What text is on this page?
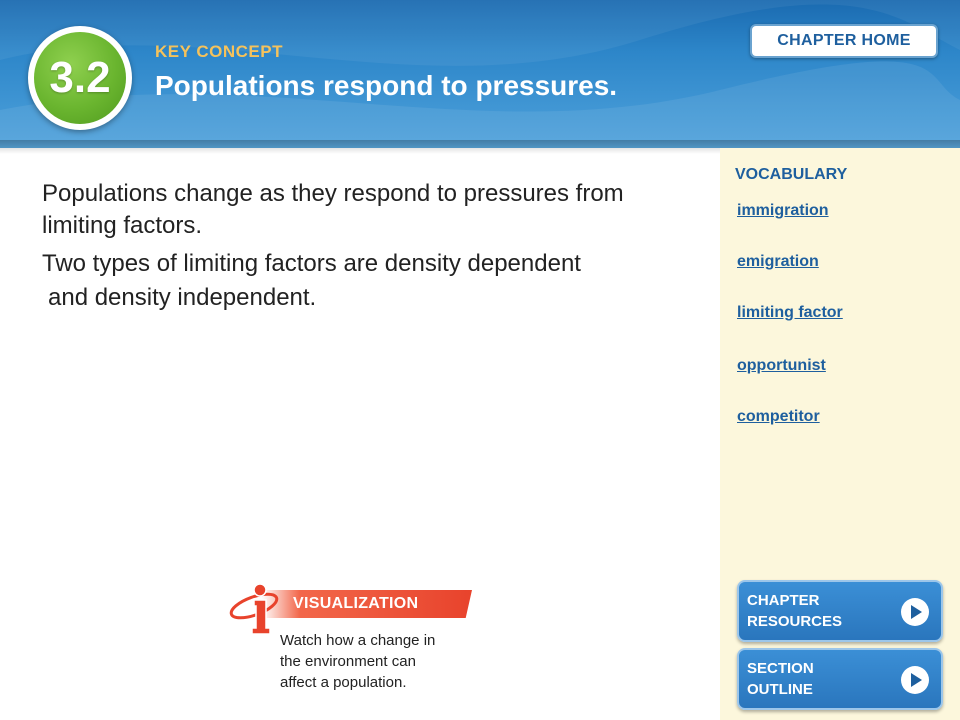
3.2
KEY CONCEPT
Populations respond to pressures.
CHAPTER HOME
VOCABULARY
immigration
emigration
limiting factor
opportunist
competitor
Populations change as they respond to pressures from
limiting factors.
Two types of limiting factors are density dependent
and density independent.
VISUALIZATION
Watch how a change in
the environment can
affect a population.
CHAPTER
RESOURCES
SECTION
OUTLINE
